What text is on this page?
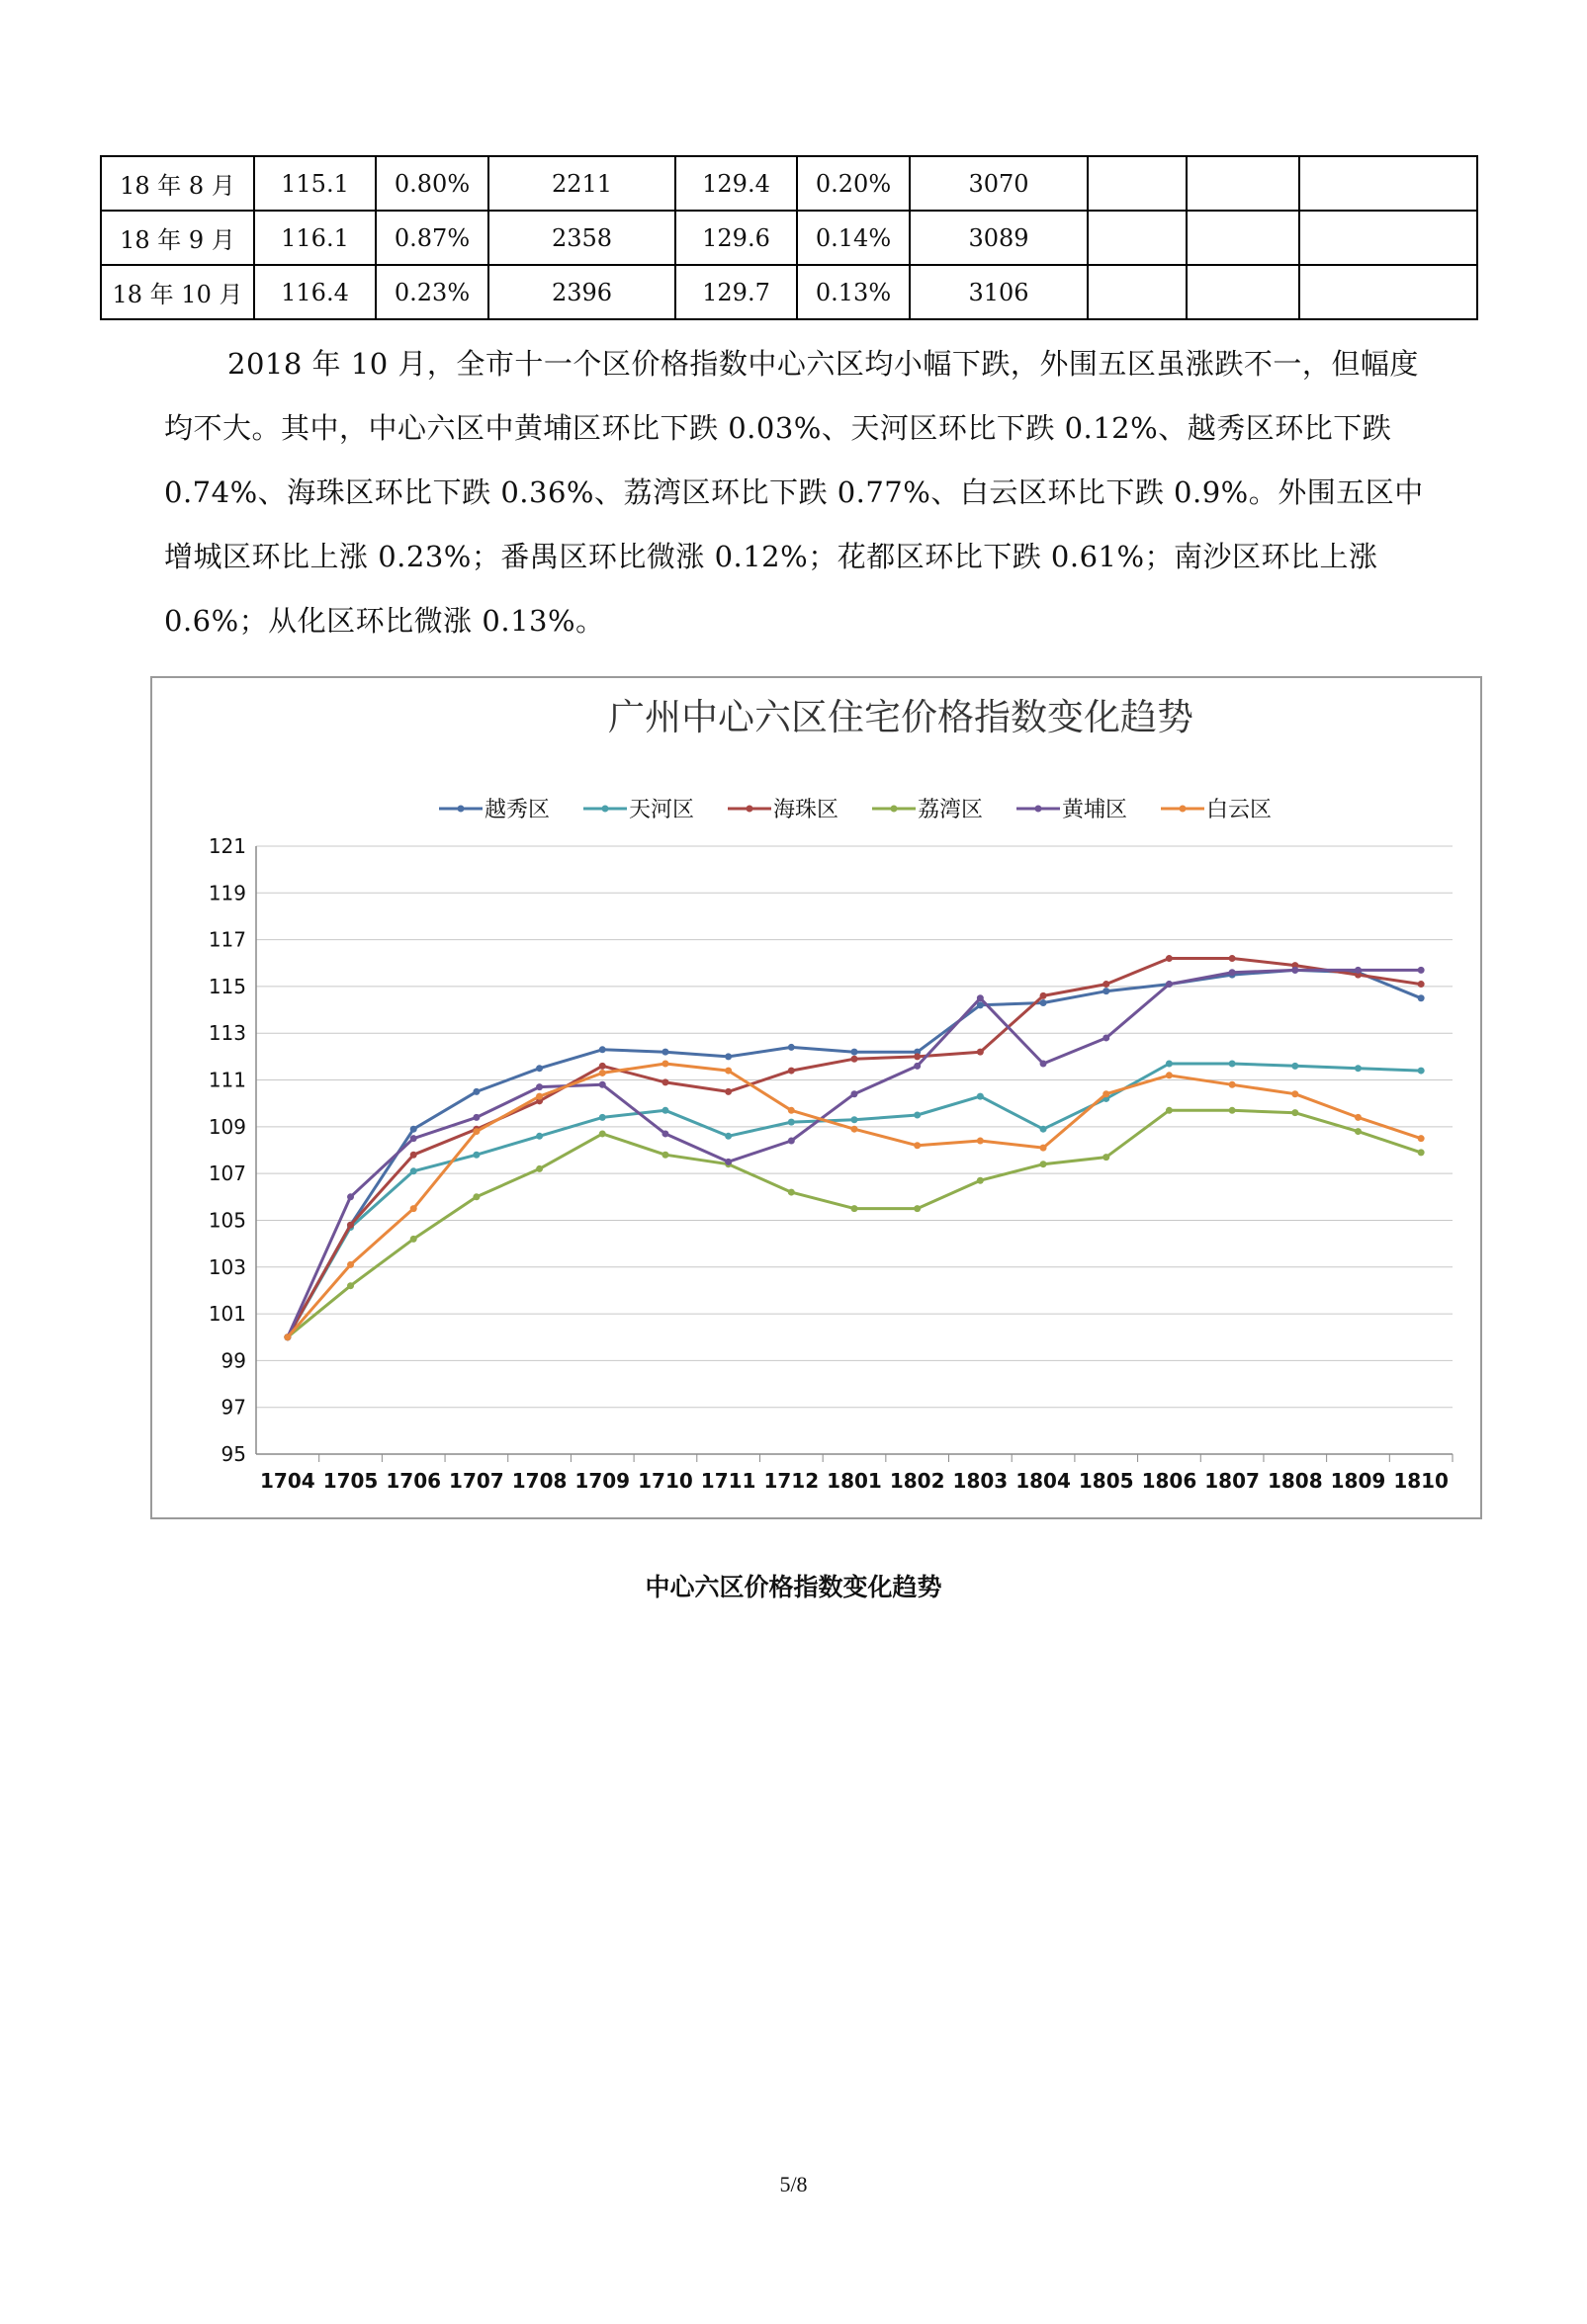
18 年 8 月	115.1	0.80%	2211	129.4	0.20%	3070			
18 年 9 月	116.1	0.87%	2358	129.6	0.14%	3089			
18 年 10 月	116.4	0.23%	2396	129.7	0.13%	3106			

2018 年 10 月，全市十一个区价格指数中心六区均小幅下跌，外围五区虽涨跌不一，但幅度均不大。其中，中心六区中黄埔区环比下跌 0.03%、天河区环比下跌 0.12%、越秀区环比下跌 0.74%、海珠区环比下跌 0.36%、荔湾区环比下跌 0.77%、白云区环比下跌 0.9%。外围五区中增城区环比上涨 0.23%；番禺区环比微涨 0.12%；花都区环比下跌 0.61%；南沙区环比上涨 0.6%；从化区环比微涨 0.13%。

广州中心六区住宅价格指数变化趋势
越秀区	天河区	海珠区	荔湾区	黄埔区	白云区
95
97
99
101
103
105
107
109
111
113
115
117
119
121
1704 1705 1706 1707 1708 1709 1710 1711 1712 1801 1802 1803 1804 1805 1806 1807 1808 1809 1810
中心六区价格指数变化趋势
5/8
